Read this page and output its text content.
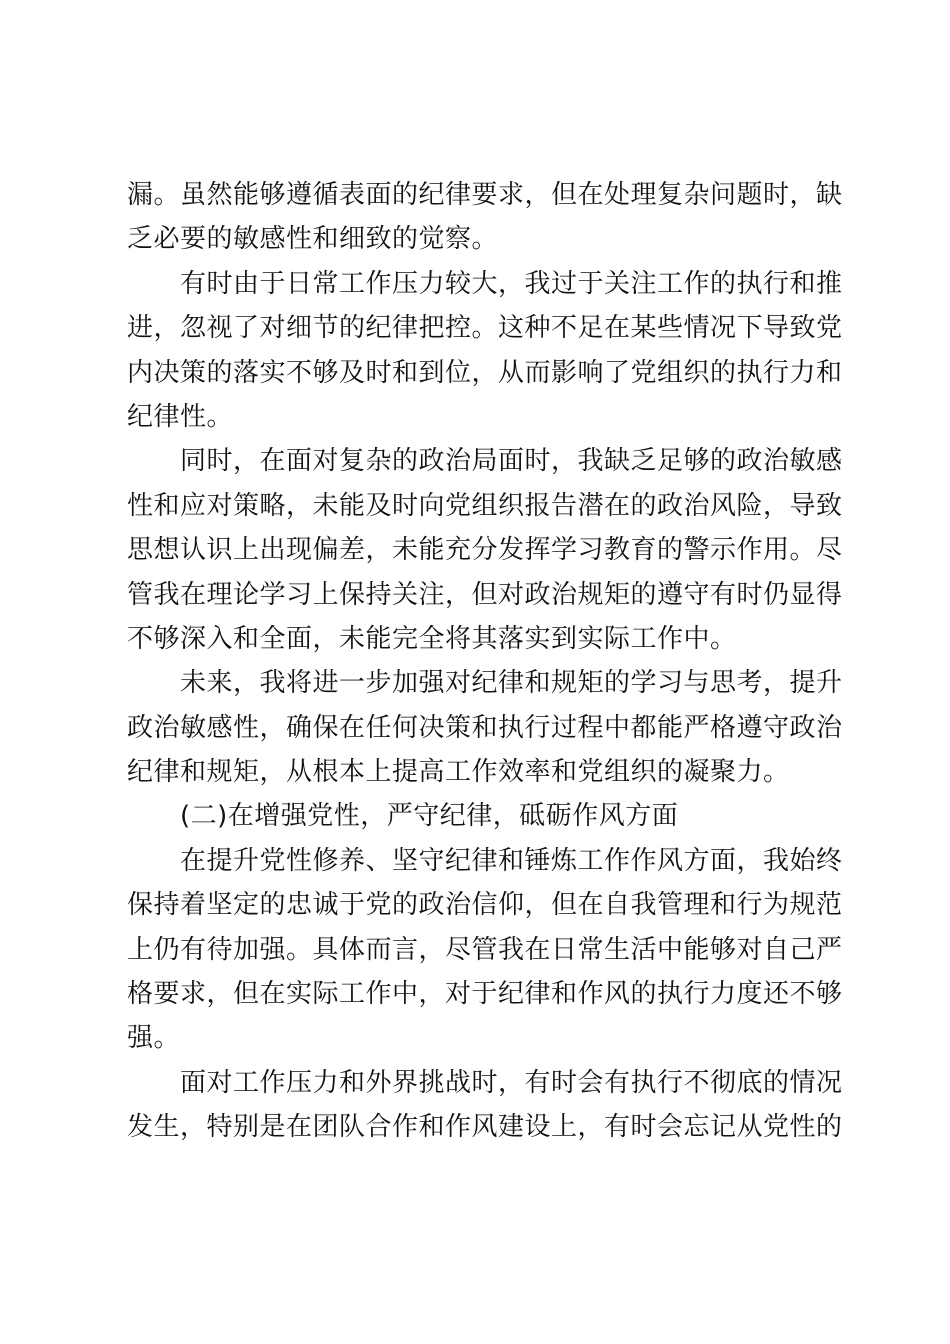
漏。虽然能够遵循表面的纪律要求，但在处理复杂问题时，缺
乏必要的敏感性和细致的觉察。
　　有时由于日常工作压力较大，我过于关注工作的执行和推
进，忽视了对细节的纪律把控。这种不足在某些情况下导致党
内决策的落实不够及时和到位，从而影响了党组织的执行力和
纪律性。
　　同时，在面对复杂的政治局面时，我缺乏足够的政治敏感
性和应对策略，未能及时向党组织报告潜在的政治风险，导致
思想认识上出现偏差，未能充分发挥学习教育的警示作用。尽
管我在理论学习上保持关注，但对政治规矩的遵守有时仍显得
不够深入和全面，未能完全将其落实到实际工作中。
　　未来，我将进一步加强对纪律和规矩的学习与思考，提升
政治敏感性，确保在任何决策和执行过程中都能严格遵守政治
纪律和规矩，从根本上提高工作效率和党组织的凝聚力。
　　(二)在增强党性，严守纪律，砥砺作风方面
　　在提升党性修养、坚守纪律和锤炼工作作风方面，我始终
保持着坚定的忠诚于党的政治信仰，但在自我管理和行为规范
上仍有待加强。具体而言，尽管我在日常生活中能够对自己严
格要求，但在实际工作中，对于纪律和作风的执行力度还不够
强。
　　面对工作压力和外界挑战时，有时会有执行不彻底的情况
发生，特别是在团队合作和作风建设上，有时会忘记从党性的
